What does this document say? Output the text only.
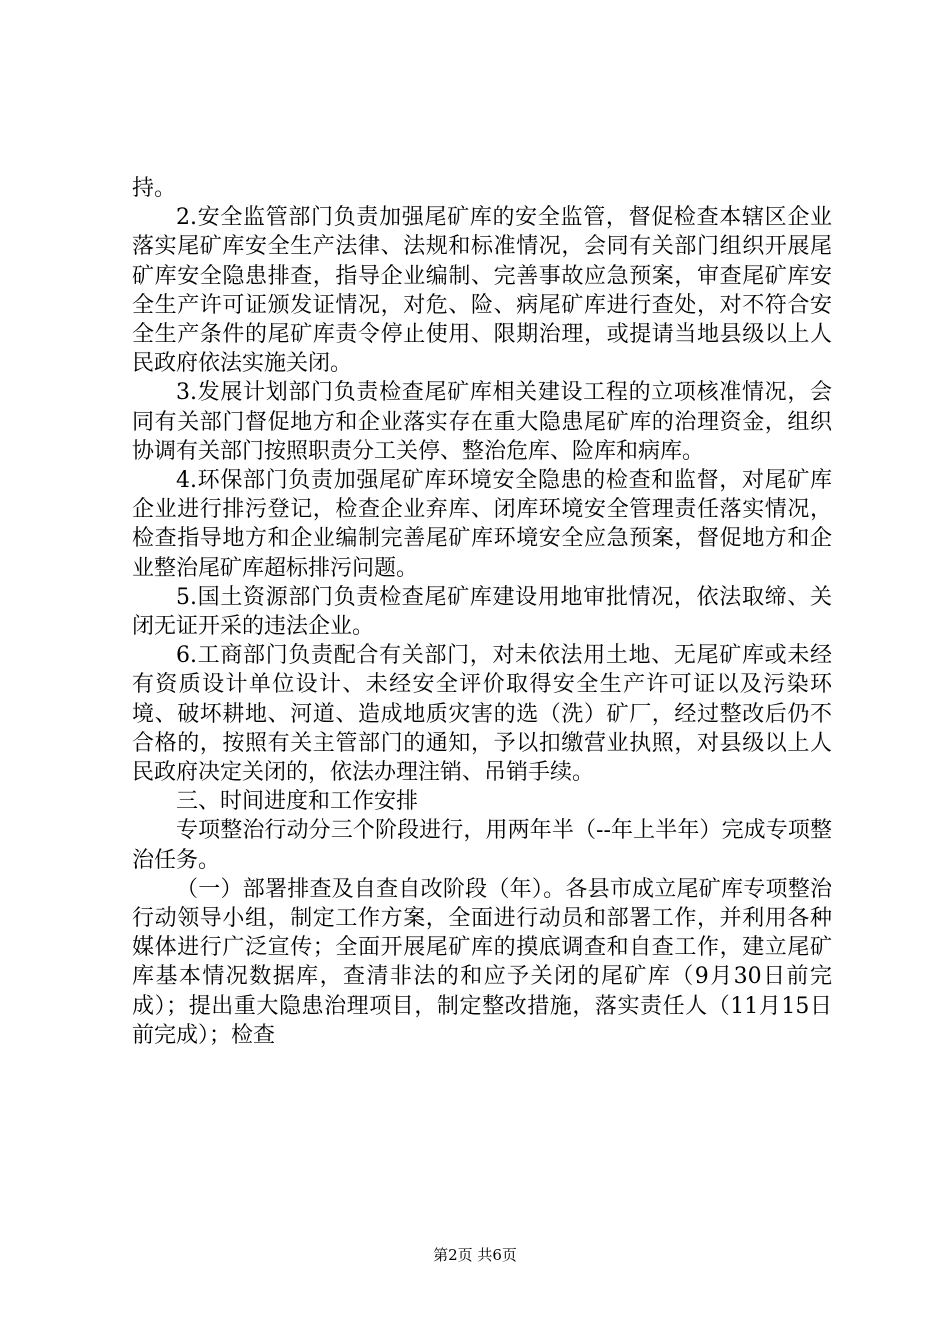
持。

2.安全监管部门负责加强尾矿库的安全监管，督促检查本辖区企业落实尾矿库安全生产法律、法规和标准情况，会同有关部门组织开展尾矿库安全隐患排查，指导企业编制、完善事故应急预案，审查尾矿库安全生产许可证颁发证情况，对危、险、病尾矿库进行查处，对不符合安全生产条件的尾矿库责令停止使用、限期治理，或提请当地县级以上人民政府依法实施关闭。

3.发展计划部门负责检查尾矿库相关建设工程的立项核准情况，会同有关部门督促地方和企业落实存在重大隐患尾矿库的治理资金，组织协调有关部门按照职责分工关停、整治危库、险库和病库。

4.环保部门负责加强尾矿库环境安全隐患的检查和监督，对尾矿库企业进行排污登记，检查企业弃库、闭库环境安全管理责任落实情况，检查指导地方和企业编制完善尾矿库环境安全应急预案，督促地方和企业整治尾矿库超标排污问题。

5.国土资源部门负责检查尾矿库建设用地审批情况，依法取缔、关闭无证开采的违法企业。

6.工商部门负责配合有关部门，对未依法用土地、无尾矿库或未经有资质设计单位设计、未经安全评价取得安全生产许可证以及污染环境、破坏耕地、河道、造成地质灾害的选（洗）矿厂，经过整改后仍不合格的，按照有关主管部门的通知，予以扣缴营业执照，对县级以上人民政府决定关闭的，依法办理注销、吊销手续。

三、时间进度和工作安排

专项整治行动分三个阶段进行，用两年半（--年上半年）完成专项整治任务。

（一）部署排查及自查自改阶段（年）。各县市成立尾矿库专项整治行动领导小组，制定工作方案，全面进行动员和部署工作，并利用各种媒体进行广泛宣传；全面开展尾矿库的摸底调查和自查工作，建立尾矿库基本情况数据库，查清非法的和应予关闭的尾矿库（9月30日前完成）；提出重大隐患治理项目，制定整改措施，落实责任人（11月15日前完成）；检查

第2页 共6页
